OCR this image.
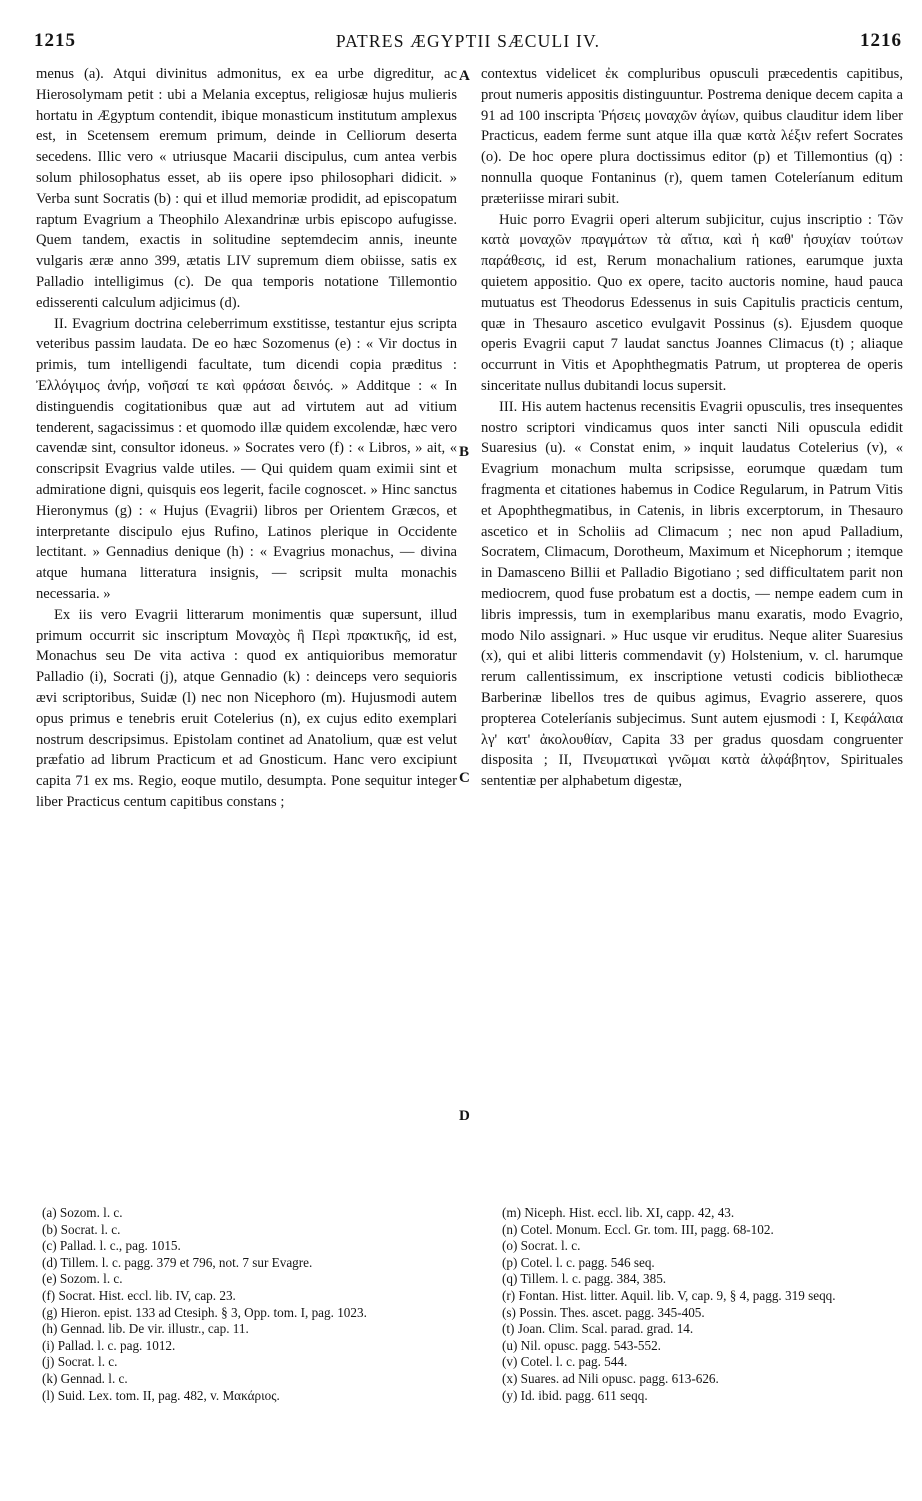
1215	PATRES ÆGYPTII SÆCULI IV.	1216
A
B
C
D

menus (a). Atqui divinitus admonitus, ex ea urbe digreditur, ac Hierosolymam petit : ubi a Melania exceptus, religiosæ hujus mulieris hortatu in Ægyptum contendit, ibique monasticum institutum amplexus est, in Scetensem eremum primum, deinde in Celliorum deserta secedens. Illic vero « utriusque Macarii discipulus, cum antea verbis solum philosophatus esset, ab iis opere ipso philosophari didicit. » Verba sunt Socratis (b) : qui et illud memoriæ prodidit, ad episcopatum raptum Evagrium a Theophilo Alexandrinæ urbis episcopo aufugisse. Quem tandem, exactis in solitudine septemdecim annis, ineunte vulgaris æræ anno 399, ætatis LIV supremum diem obiisse, satis ex Palladio intelligimus (c). De qua temporis notatione Tillemontio edisserenti calculum adjicimus (d).

II. Evagrium doctrina celeberrimum exstitisse, testantur ejus scripta veteribus passim laudata. De eo hæc Sozomenus (e) : « Vir doctus in primis, tum intelligendi facultate, tum dicendi copia præditus : Ἐλλόγιμος ἀνήρ, νοῆσαί τε καὶ φράσαι δεινός. » Additque : « In distinguendis cogitationibus quæ aut ad virtutem aut ad vitium tenderent, sagacissimus : et quomodo illæ quidem excolendæ, hæc vero cavendæ sint, consultor idoneus. » Socrates vero (f) : « Libros, » ait, « conscripsit Evagrius valde utiles. — Qui quidem quam eximii sint et admiratione digni, quisquis eos legerit, facile cognoscet. » Hinc sanctus Hieronymus (g) : « Hujus (Evagrii) libros per Orientem Græcos, et interpretante discipulo ejus Rufino, Latinos plerique in Occidente lectitant. » Gennadius denique (h) : « Evagrius monachus, — divina atque humana litteratura insignis, — scripsit multa monachis necessaria. »

Ex iis vero Evagrii litterarum monimentis quæ supersunt, illud primum occurrit sic inscriptum Μοναχὸς ἢ Περὶ πρακτικῆς, id est, Monachus seu De vita activa : quod ex antiquioribus memoratur Palladio (i), Socrati (j), atque Gennadio (k) : deinceps vero sequioris ævi scriptoribus, Suidæ (l) nec non Nicephoro (m). Hujusmodi autem opus primus e tenebris eruit Cotelerius (n), ex cujus edito exemplari nostrum descripsimus. Epistolam continet ad Anatolium, quæ est velut præfatio ad librum Practicum et ad Gnosticum. Hanc vero excipiunt capita 71 ex ms. Regio, eoque mutilo, desumpta. Pone sequitur integer liber Practicus centum capitibus constans ;

contextus videlicet ἐκ compluribus opusculi præcedentis capitibus, prout numeris appositis distinguuntur. Postrema denique decem capita a 91 ad 100 inscripta Ῥήσεις μοναχῶν ἁγίων, quibus clauditur idem liber Practicus, eadem ferme sunt atque illa quæ κατὰ λέξιν refert Socrates (o). De hoc opere plura doctissimus editor (p) et Tillemontius (q) : nonnulla quoque Fontaninus (r), quem tamen Coteleríanum editum præteriisse mirari subit.

Huic porro Evagrii operi alterum subjicitur, cujus inscriptio : Τῶν κατὰ μοναχῶν πραγμάτων τὰ αἴτια, καὶ ἡ καθ' ἡσυχίαν τούτων παράθεσις, id est, Rerum monachalium rationes, earumque juxta quietem appositio. Quo ex opere, tacito auctoris nomine, haud pauca mutuatus est Theodorus Edessenus in suis Capitulis practicis centum, quæ in Thesauro ascetico evulgavit Possinus (s). Ejusdem quoque operis Evagrii caput 7 laudat sanctus Joannes Climacus (t) ; aliaque occurrunt in Vitis et Apophthegmatis Patrum, ut propterea de operis sinceritate nullus dubitandi locus supersit.

III. His autem hactenus recensitis Evagrii opusculis, tres insequentes nostro scriptori vindicamus quos inter sancti Nili opuscula edidit Suaresius (u). « Constat enim, » inquit laudatus Cotelerius (v), « Evagrium monachum multa scripsisse, eorumque quædam tum fragmenta et citationes habemus in Codice Regularum, in Patrum Vitis et Apophthegmatibus, in Catenis, in libris excerptorum, in Thesauro ascetico et in Scholiis ad Climacum ; nec non apud Palladium, Socratem, Climacum, Dorotheum, Maximum et Nicephorum ; itemque in Damasceno Billii et Palladio Bigotiano ; sed difficultatem parit non mediocrem, quod fuse probatum est a doctis, — nempe eadem cum in libris impressis, tum in exemplaribus manu exaratis, modo Evagrio, modo Nilo assignari. » Huc usque vir eruditus. Neque aliter Suaresius (x), qui et alibi litteris commendavit (y) Holstenium, v. cl. harumque rerum callentissimum, ex inscriptione vetusti codicis bibliothecæ Barberinæ libellos tres de quibus agimus, Evagrio asserere, quos propterea Coteleríanis subjecimus. Sunt autem ejusmodi : I, Κεφάλαια λγ' κατ' ἀκολουθίαν, Capita 33 per gradus quosdam congruenter disposita ; II, Πνευματικαὶ γνῶμαι κατὰ ἀλφάβητον, Spirituales sententiæ per alphabetum digestæ,

(a) Sozom. l. c.
(b) Socrat. l. c.
(c) Pallad. l. c., pag. 1015.
(d) Tillem. l. c. pagg. 379 et 796, not. 7 sur Evagre.
(e) Sozom. l. c.
(f) Socrat. Hist. eccl. lib. IV, cap. 23.
(g) Hieron. epist. 133 ad Ctesiph. § 3, Opp. tom. I, pag. 1023.
(h) Gennad. lib. De vir. illustr., cap. 11.
(i) Pallad. l. c. pag. 1012.
(j) Socrat. l. c.
(k) Gennad. l. c.
(l) Suid. Lex. tom. II, pag. 482, v. Μακάριος.
(m) Niceph. Hist. eccl. lib. XI, capp. 42, 43.
(n) Cotel. Monum. Eccl. Gr. tom. III, pagg. 68-102.
(o) Socrat. l. c.
(p) Cotel. l. c. pagg. 546 seq.
(q) Tillem. l. c. pagg. 384, 385.
(r) Fontan. Hist. litter. Aquil. lib. V, cap. 9, § 4, pagg. 319 seqq.
(s) Possin. Thes. ascet. pagg. 345-405.
(t) Joan. Clim. Scal. parad. grad. 14.
(u) Nil. opusc. pagg. 543-552.
(v) Cotel. l. c. pag. 544.
(x) Suares. ad Nili opusc. pagg. 613-626.
(y) Id. ibid. pagg. 611 seqq.
